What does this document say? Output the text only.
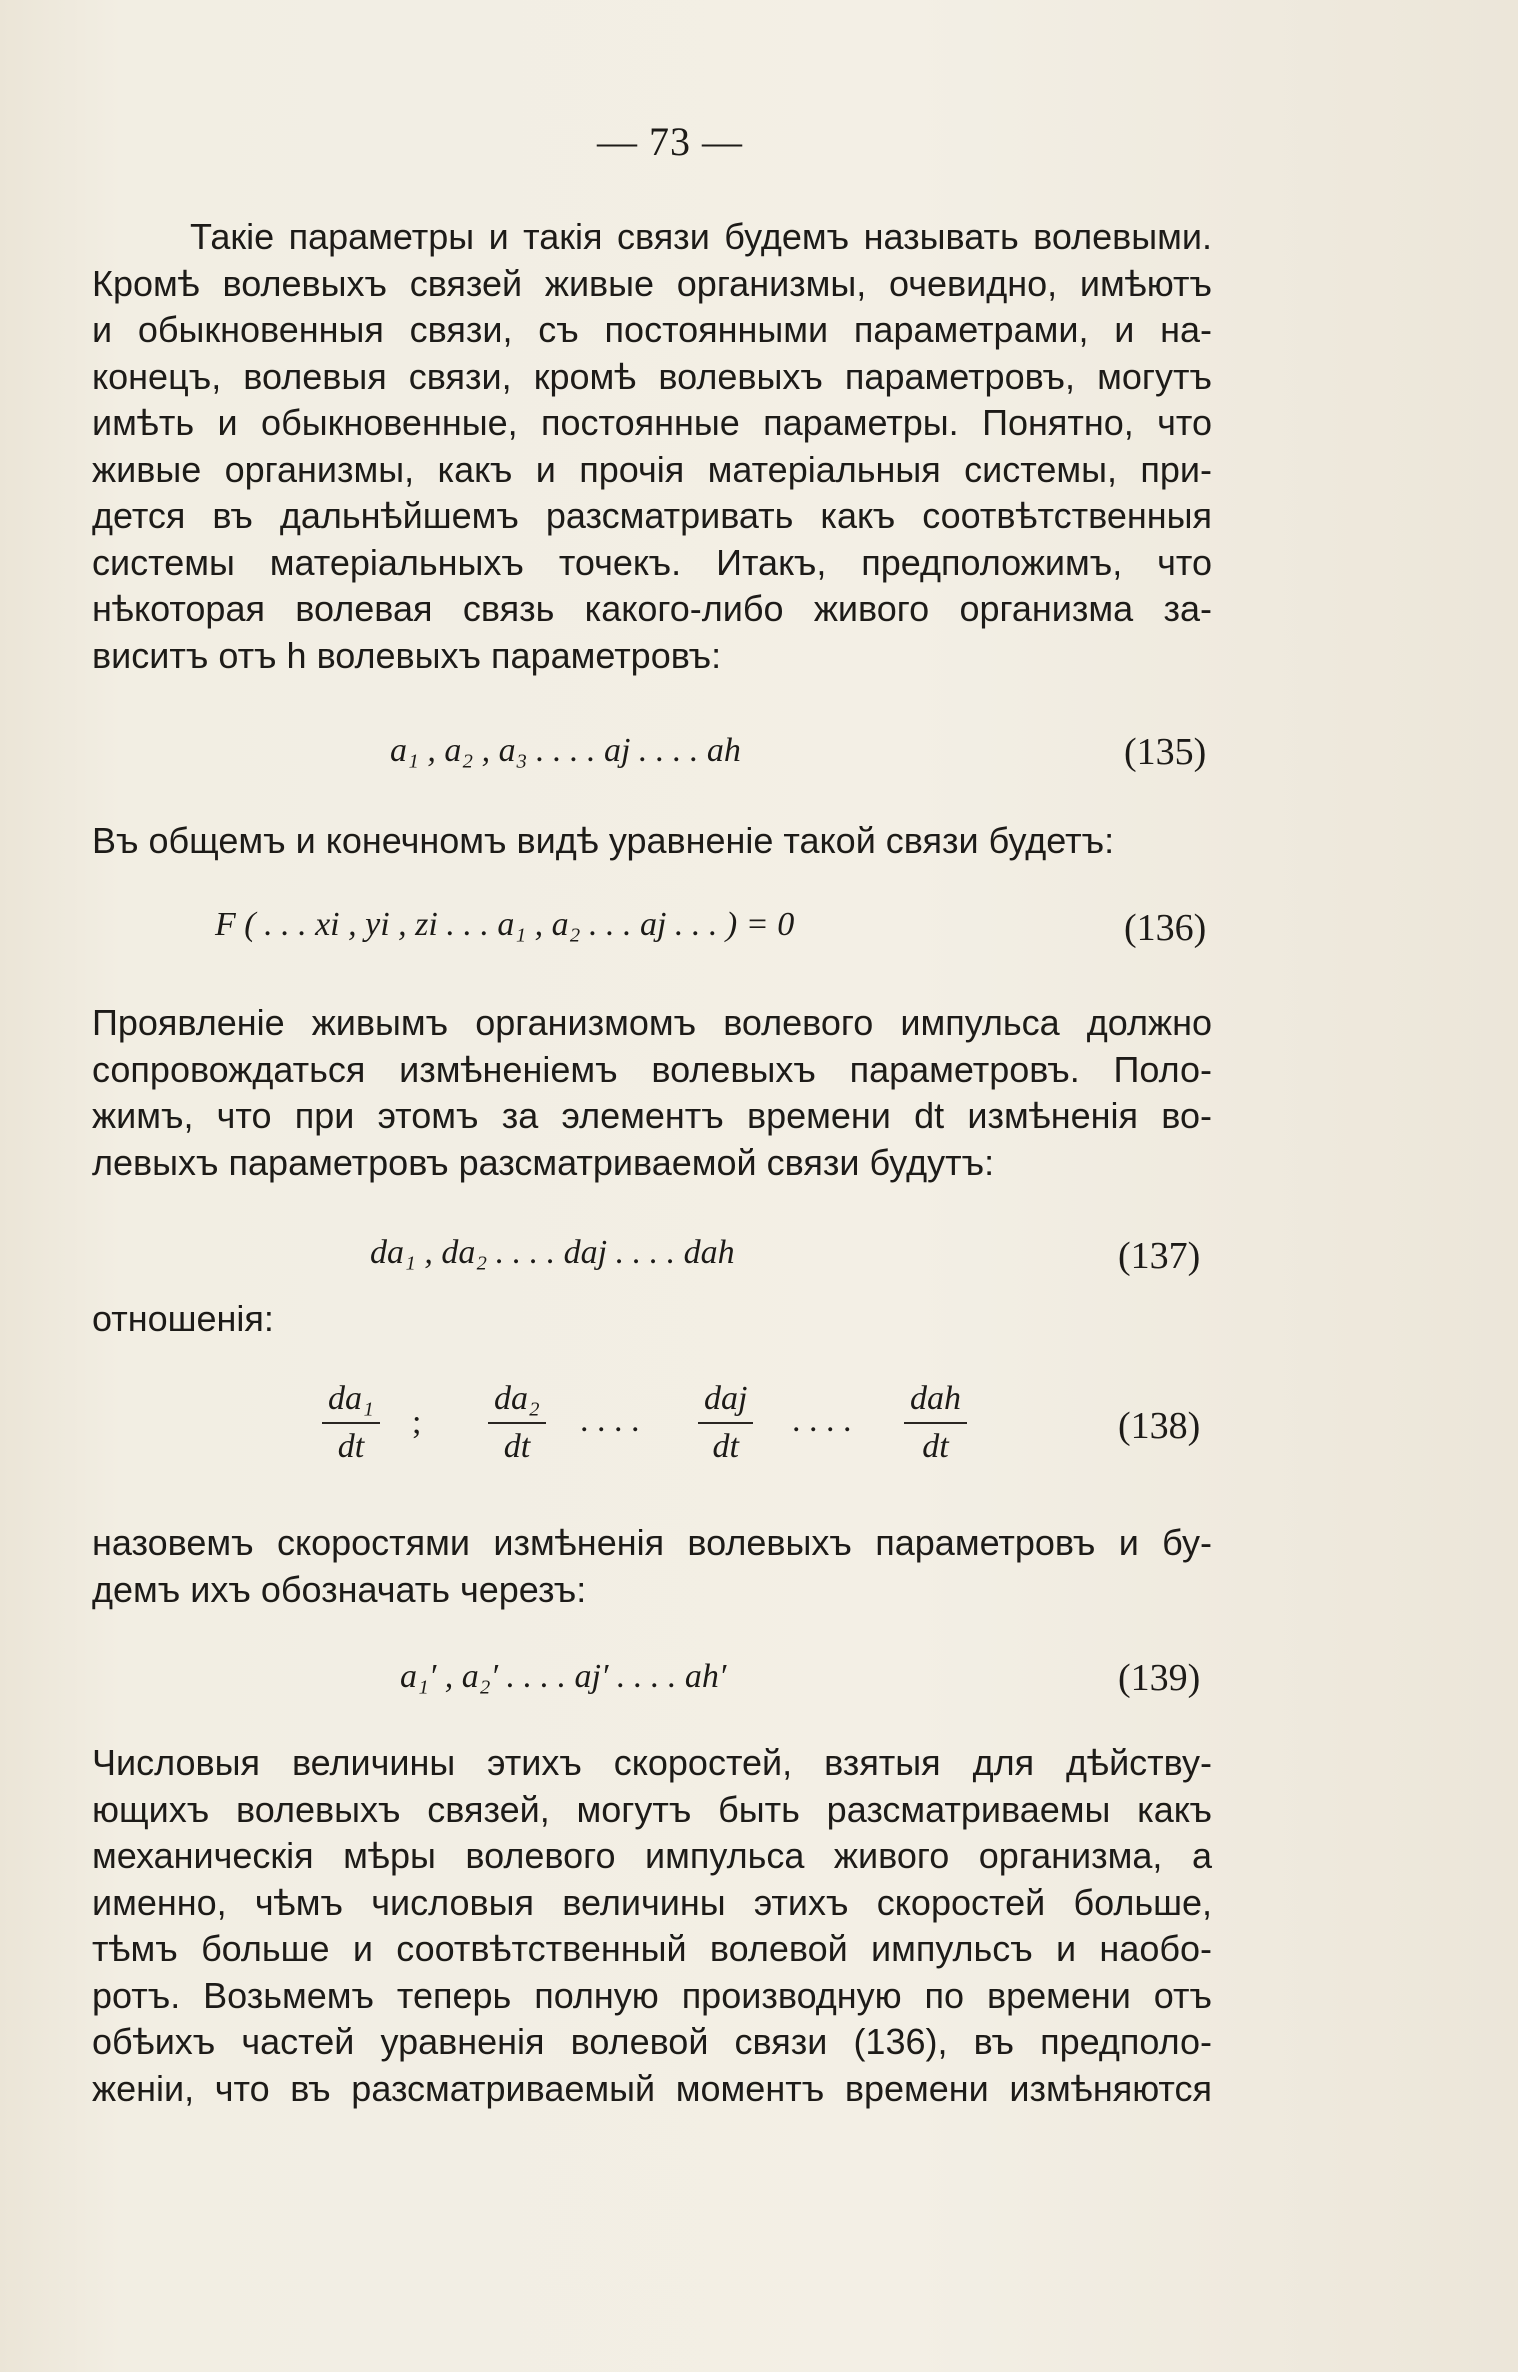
— 73 —
Такіе параметры и такія связи будемъ называть волевыми.
Кромѣ волевыхъ связей живые организмы, очевидно, имѣютъ
и обыкновенныя связи, съ постоянными параметрами, и на-
конецъ, волевыя связи, кромѣ волевыхъ параметровъ, могутъ
имѣть и обыкновенные, постоянные параметры. Понятно, что
живые организмы, какъ и прочія матеріальныя системы, при-
дется въ дальнѣйшемъ разсматривать какъ соотвѣтственныя
системы матеріальныхъ точекъ. Итакъ, предположимъ, что
нѣкоторая волевая связь какого-либо живого организма за-
виситъ отъ h волевыхъ параметровъ:
a₁ , a₂ , a₃ . . . . aj . . . . ah	(135)
Въ общемъ и конечномъ видѣ уравненіе такой связи будетъ:
F ( . . . xi , yi , zi . . . a₁ , a₂ . . . aj . . . ) = 0	(136)
Проявленіе живымъ организмомъ волевого импульса должно
сопровождаться измѣненіемъ волевыхъ параметровъ. Поло-
жимъ, что при этомъ за элементъ времени dt измѣненія во-
левыхъ параметровъ разсматриваемой связи будутъ:
da₁ , da₂ . . . . daj . . . . dah	(137)
отношенія:
$\frac{\text{da₁}}{dt}$ ; $\frac{\text{da₂}}{dt}$ . . . .
daj
dt
. . . .
dah
dt	(138)
назовемъ скоростями измѣненія волевыхъ параметровъ и бу-
демъ ихъ обозначать черезъ:
a₁′ , a₂′ . . . . aj′ . . . . ah′	(139)
Числовыя величины этихъ скоростей, взятыя для дѣйству-
ющихъ волевыхъ связей, могутъ быть разсматриваемы какъ
механическія мѣры волевого импульса живого организма, а
именно, чѣмъ числовыя величины этихъ скоростей больше,
тѣмъ больше и соотвѣтственный волевой импульсъ и наобо-
ротъ. Возьмемъ теперь полную производную по времени отъ
обѣихъ частей уравненія волевой связи (136), въ предполо-
женіи, что въ разсматриваемый моментъ времени измѣняются
